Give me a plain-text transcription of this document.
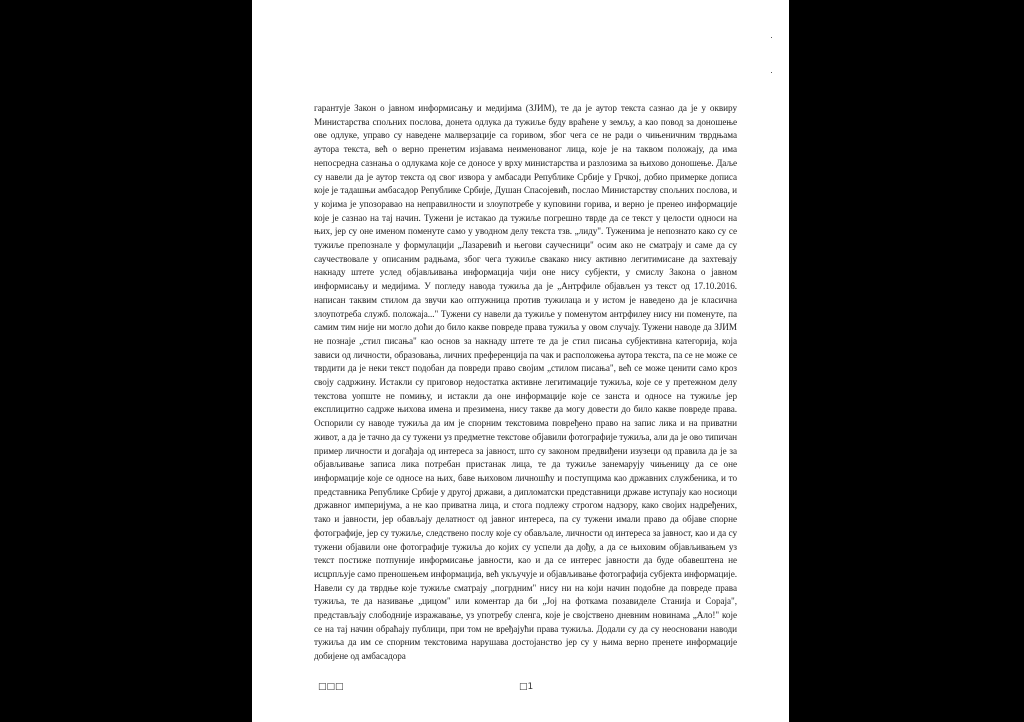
гарантује Закон о јавном информисању и медијима (ЗЈИМ), те да је аутор текста сазнао да је у оквиру Министарства спољних послова, донета одлука да тужиље буду враћене у земљу, а као повод за доношење ове одлуке, управо су наведене малверзације са горивом, због чега се не ради о чињеничним тврдњама аутора текста, већ о верно пренетим изјавама неименованог лица, које је на таквом положају, да има непосредна сазнања о одлукама које се доносе у врху министарства и разлозима за њихово доношење. Даље су навели да је аутор текста од свог извора у амбасади Републике Србије у Грчкој, добио примерке дописа које је тадашњи амбасадор Републике Србије, Душан Спасојевић, послао Министарству спољних послова, и у којима је упозоравао на неправилности и злоупотребе у куповини горива, и верно је пренео информације које је сазнао на тај начин. Тужени је истакао да тужиље погрешно тврде да се текст у целости односи на њих, јер су оне именом поменуте само у уводном делу текста тзв. „лиду". Туженима је непознато како су се тужиље препознале у формулацији „Лазаревић и његови саучесници" осим ако не сматрају и саме да су саучествовале у описаним радњама, због чега тужиље свакако нису активно легитимисане да захтевају накнаду штете услед објављивања информација чији оне нису субјекти, у смислу Закона о јавном информисању и медијима. У погледу навода тужиља да је „Антрфиле објављен уз текст од 17.10.2016. написан таквим стилом да звучи као оптужница против тужилаца и у истом је наведено да је класична злоупотреба служб. положаја..." Тужени су навели да тужиље у поменутом антрфилеу нису ни поменуте, па самим тим није ни могло доћи до било какве повреде права тужиља у овом случају. Тужени наводе да ЗЈИМ не познаје „стил писања" као основ за накнаду штете те да је стил писања субјективна категорија, која зависи од личности, образовања, личних преференција па чак и расположења аутора текста, па се не може се тврдити да је неки текст подобан да повреди право својим „стилом писања", већ се може ценити само кроз своју садржину. Истакли су приговор недостатка активне легитимације тужиља, које се у претежном делу текстова уопште не помињу, и истакли да оне информације које се занста и односе на тужиље јер експлицитно садрже њихова имена и презимена, нису такве да могу довести до било какве повреде права. Оспорили су наводе тужиља да им је спорним текстовима повређено право на запис лика и на приватни живот, а да је тачно да су тужени уз предметне текстове објавили фотографије тужиља, али да је ово типичан пример личности и догађаја од интереса за јавност, што су законом предвиђени изузеци од правила да је за објављивање записа лика потребан пристанак лица, те да тужиље занемарују чињеницу да се оне информације које се односе на њих, баве њиховом личношћу и поступцима као државних службеника, и то представника Републике Србије у другој држави, а дипломатски представници државе иступају као носиоци државног империјума, а не као приватна лица, и стога подлежу строгом надзору, како својих надређених, тако и јавности, јер обављају делатност од јавног интереса, па су тужени имали право да објаве спорне фотографије, јер су тужиље, следствено послу које су обављале, личности од интереса за јавност, као и да су тужени објавили оне фотографије тужиља до којих су успели да дођу, а да се њиховим објављивањем уз текст постиже потпуније информисање јавности, као и да се интерес јавности да буде обавештена не исцрпљује само преношењем информација, већ укључује и објављивање фотографија субјекта информације. Навели су да тврдње које тужиље сматрају „погрдним" нису ни на који начин подобне да повреде права тужиља, те да називање „цицом" или коментар да би „Јој на фоткама позавиделе Станија и Сораја", представљају слободније изражавање, уз употребу сленга, које је својствено дневним новинама „Ало!" које се на тај начин обраћају публици, при том не вређајући права тужиља. Додали су да су неосновани наводи тужиља да им се спорним текстовима нарушава достојанство јер су у њима верно пренете информације добијене од амбасадора

□□□	□1
